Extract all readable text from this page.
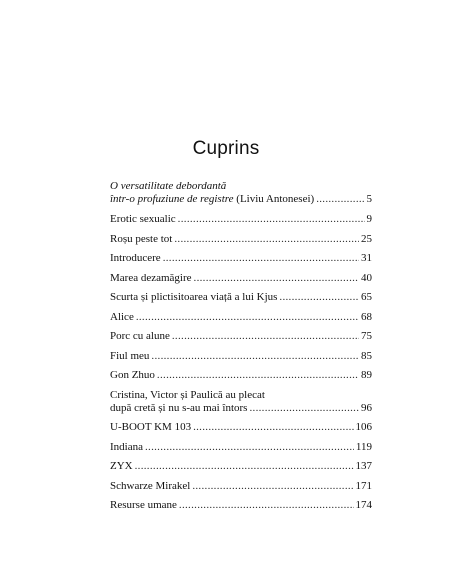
Cuprins
O versatilitate debordantă
într-o profuziune de registre (Liviu Antonesei) .....	5
Erotic sexualic .....	9
Roșu peste tot .....	25
Introducere .....	31
Marea dezamăgire .....	40
Scurta și plictisitoarea viață a lui Kjus .....	65
Alice .....	68
Porc cu alune .....	75
Fiul meu .....	85
Gon Zhuo .....	89
Cristina, Victor și Paulică au plecat
după cretă și nu s-au mai întors .....	96
U-BOOT KM 103 .....	106
Indiana .....	119
ZYX .....	137
Schwarze Mirakel .....	171
Resurse umane .....	174
